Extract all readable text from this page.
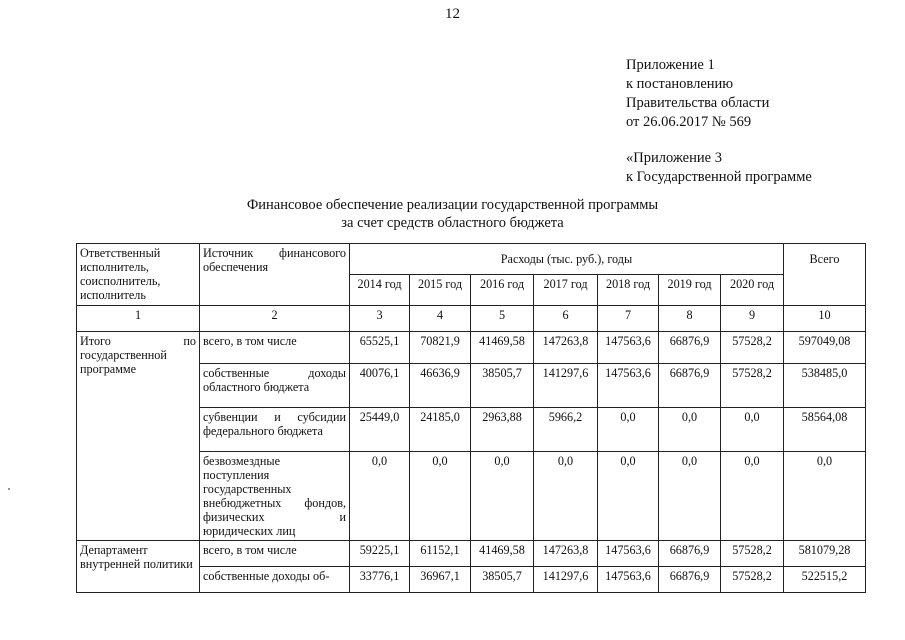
12
Приложение 1
к постановлению
Правительства области
от 26.06.2017 № 569
«Приложение 3
к Государственной программе
Финансовое обеспечение реализации государственной программы
за счет средств областного бюджета
Ответственный исполнитель, соисполнитель, исполнитель	Источник финансового обеспечения	Расходы (тыс. руб.), годы							Всего
		2014 год	2015 год	2016 год	2017 год	2018 год	2019 год	2020 год	
1	2	3	4	5	6	7	8	9	10
Итого по государственной программе	всего, в том числе	65525,1	70821,9	41469,58	147263,8	147563,6	66876,9	57528,2	597049,08
	собственные доходы областного бюджета	40076,1	46636,9	38505,7	141297,6	147563,6	66876,9	57528,2	538485,0
	субвенции и субсидии федерального бюджета	25449,0	24185,0	2963,88	5966,2	0,0	0,0	0,0	58564,08
	безвозмездные поступления государственных внебюджетных фондов, физических и юридических лиц	0,0	0,0	0,0	0,0	0,0	0,0	0,0	0,0
Департамент внутренней политики	всего, в том числе	59225,1	61152,1	41469,58	147263,8	147563,6	66876,9	57528,2	581079,28
	собственные доходы об-	33776,1	36967,1	38505,7	141297,6	147563,6	66876,9	57528,2	522515,2
